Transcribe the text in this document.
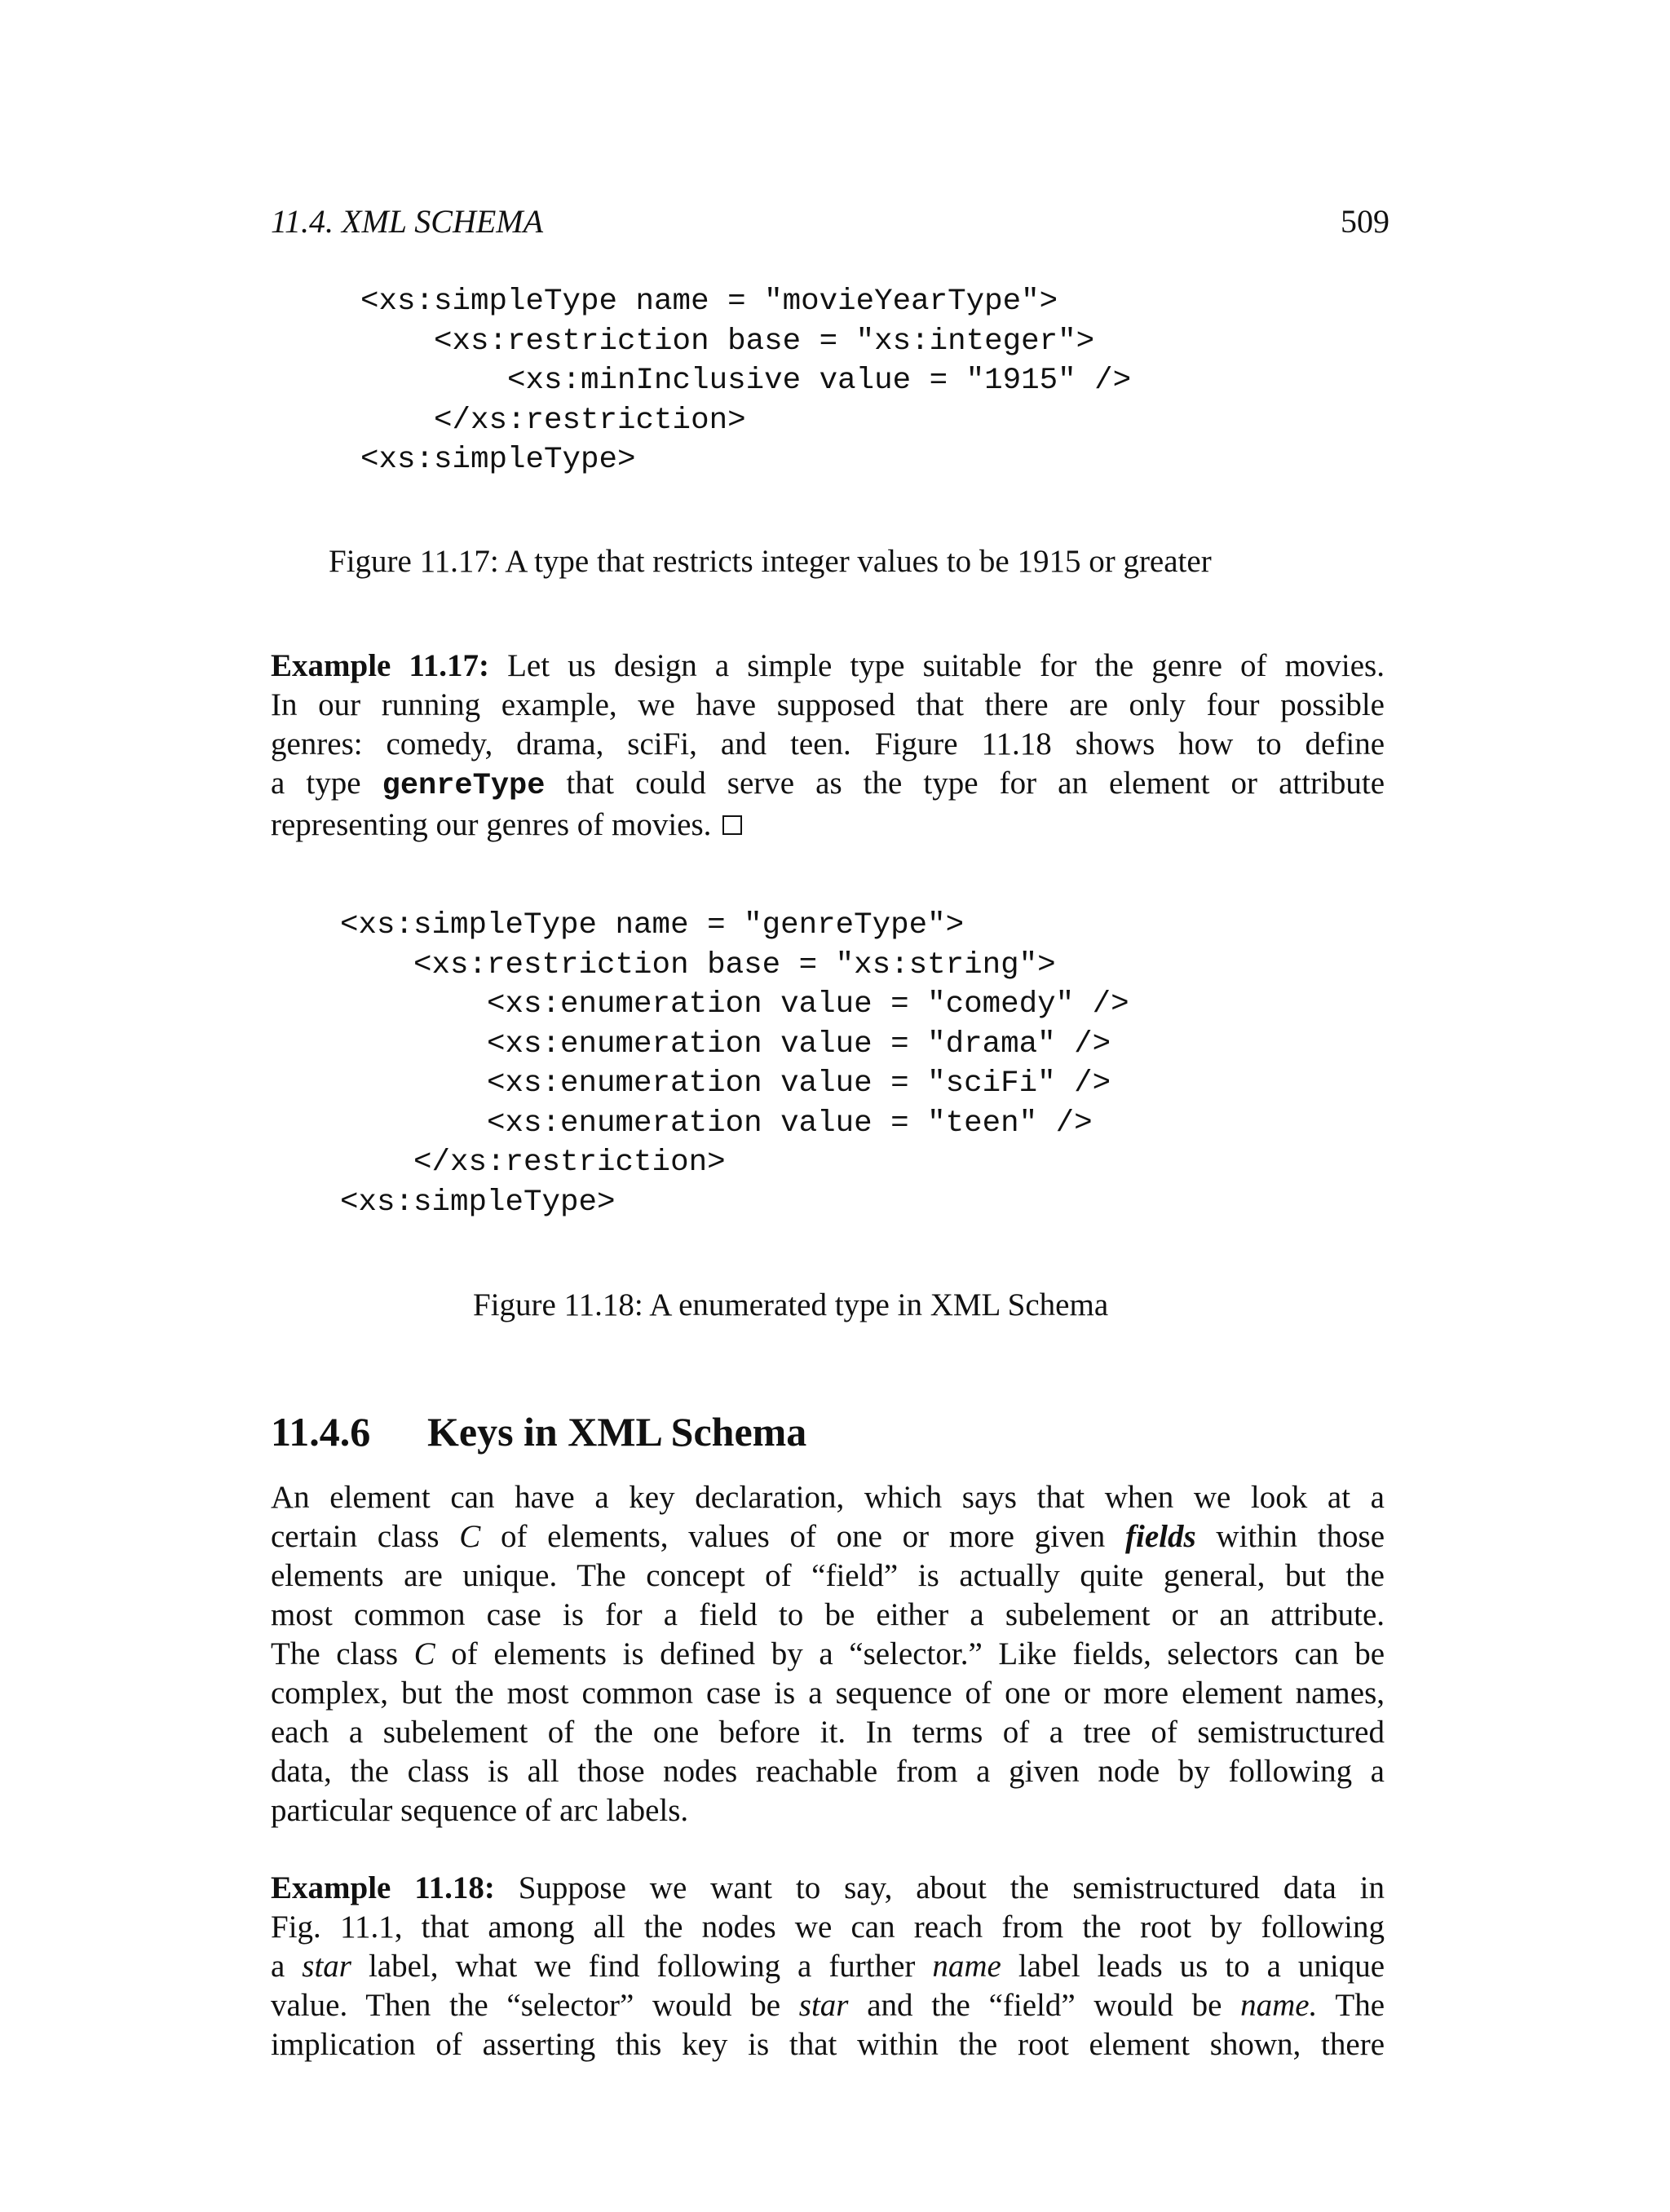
11.4. XML SCHEMA	509
<xs:simpleType name = "movieYearType">
<xs:restriction base = "xs:integer">
<xs:minInclusive value = "1915" />
</xs:restriction>
<xs:simpleType>
Figure 11.17: A type that restricts integer values to be 1915 or greater
Example 11.17: Let us design a simple type suitable for the genre of movies.
In our running example, we have supposed that there are only four possible
genres: comedy, drama, sciFi, and teen. Figure 11.18 shows how to define
a type genreType that could serve as the type for an element or attribute
representing our genres of movies.
<xs:simpleType name = "genreType">
<xs:restriction base = "xs:string">
<xs:enumeration value = "comedy" />
<xs:enumeration value = "drama" />
<xs:enumeration value = "sciFi" />
<xs:enumeration value = "teen" />
</xs:restriction>
<xs:simpleType>
Figure 11.18: A enumerated type in XML Schema
11.4.6 Keys in XML Schema
An element can have a key declaration, which says that when we look at a
certain class C of elements, values of one or more given fields within those
elements are unique. The concept of “field” is actually quite general, but the
most common case is for a field to be either a subelement or an attribute.
The class C of elements is defined by a “selector.” Like fields, selectors can be
complex, but the most common case is a sequence of one or more element names,
each a subelement of the one before it. In terms of a tree of semistructured
data, the class is all those nodes reachable from a given node by following a
particular sequence of arc labels.
Example 11.18: Suppose we want to say, about the semistructured data in
Fig. 11.1, that among all the nodes we can reach from the root by following
a star label, what we find following a further name label leads us to a unique
value. Then the “selector” would be star and the “field” would be name. The
implication of asserting this key is that within the root element shown, there
